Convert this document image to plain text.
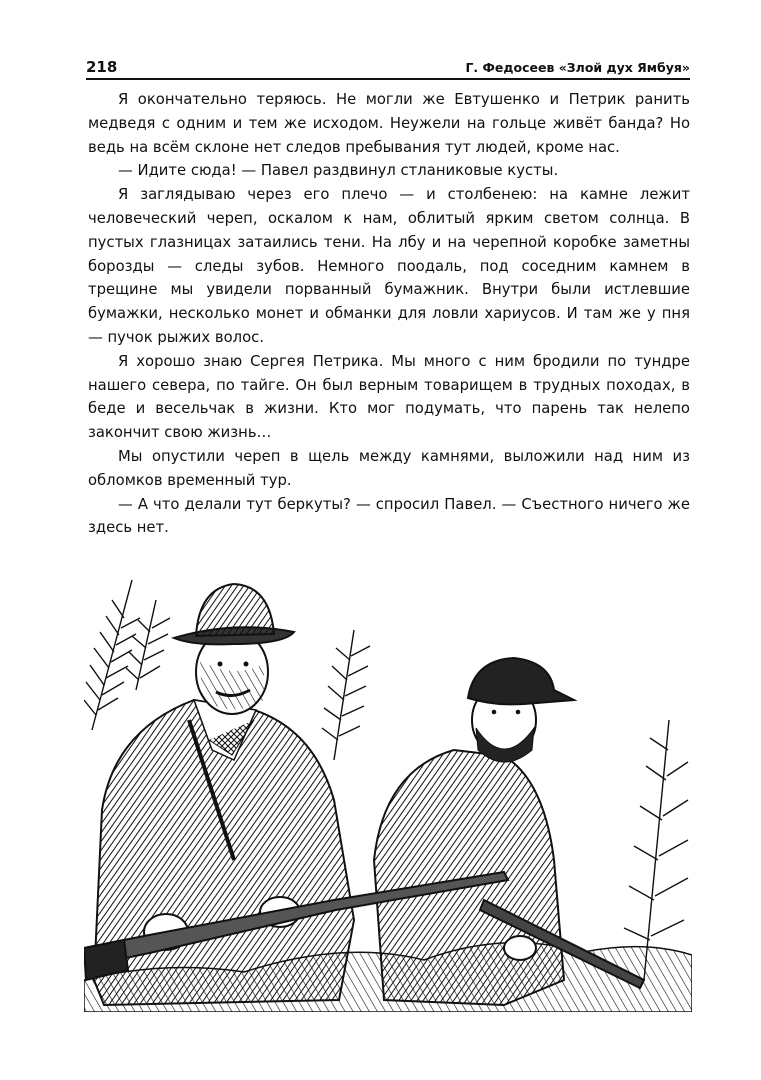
218	Г. Федосеев «Злой дух Ямбуя»

Я окончательно теряюсь. Не могли же Евтушенко и Петрик ранить медведя с одним и тем же исходом. Неужели на гольце живёт банда? Но ведь на всём склоне нет следов пребывания тут людей, кроме нас.

— Идите сюда! — Павел раздвинул стланиковые кусты.

Я заглядываю через его плечо — и столбенею: на камне лежит человеческий череп, оскалом к нам, облитый ярким светом солнца. В пустых глазницах затаились тени. На лбу и на черепной коробке заметны борозды — следы зубов. Немного поодаль, под соседним камнем в трещине мы увидели порванный бумажник. Внутри были истлевшие бумажки, несколько монет и обманки для ловли хариусов. И там же у пня — пучок рыжих волос.

Я хорошо знаю Сергея Петрика. Мы много с ним бродили по тундре нашего севера, по тайге. Он был верным товарищем в трудных походах, в беде и весельчак в жизни. Кто мог подумать, что парень так нелепо закончит свою жизнь…

Мы опустили череп в щель между камнями, выложили над ним из обломков временный тур.

— А что делали тут беркуты? — спросил Павел. — Съестного ничего же здесь нет.
